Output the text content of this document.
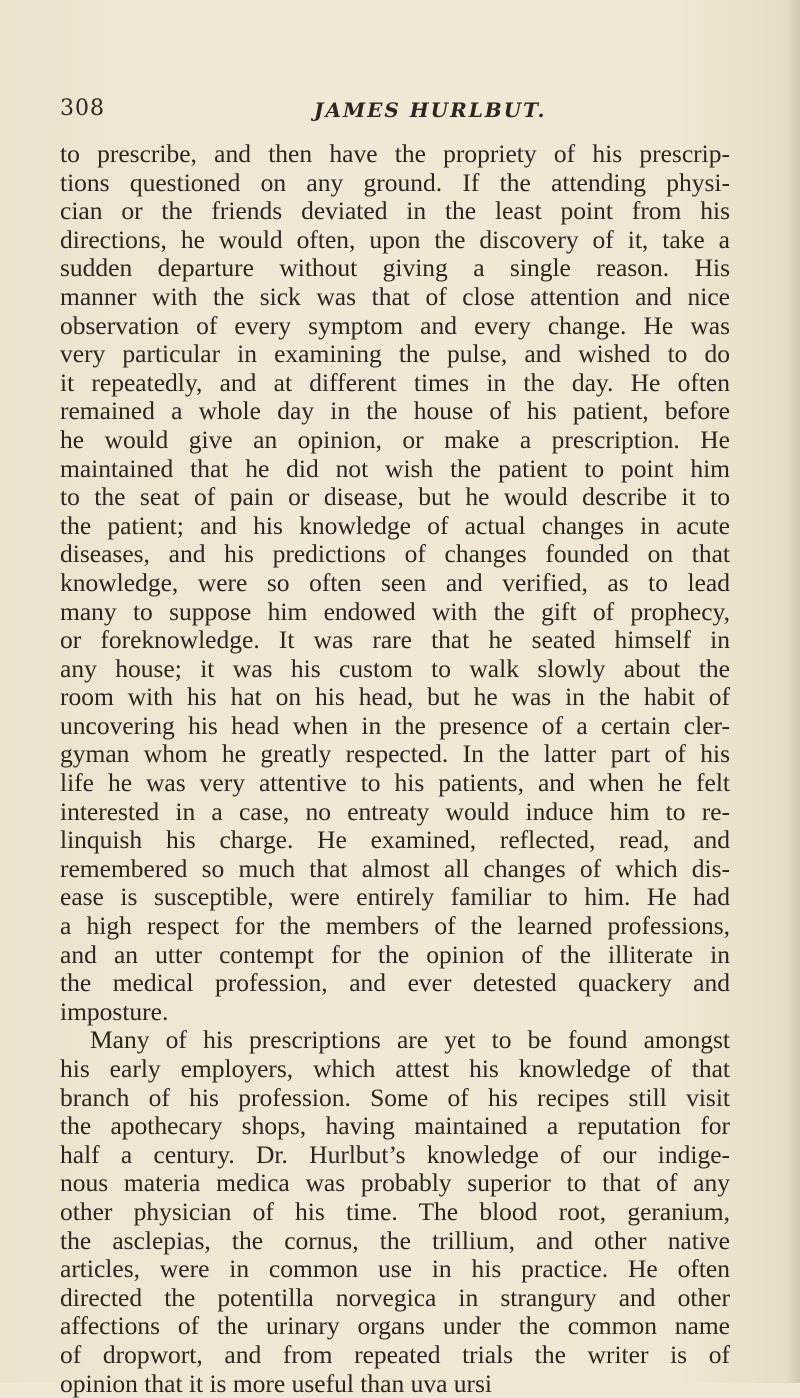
308	JAMES HURLBUT.
to prescribe, and then have the propriety of his prescrip-
tions questioned on any ground. If the attending physi-
cian or the friends deviated in the least point from his
directions, he would often, upon the discovery of it, take a
sudden departure without giving a single reason. His
manner with the sick was that of close attention and nice
observation of every symptom and every change. He was
very particular in examining the pulse, and wished to do
it repeatedly, and at different times in the day. He often
remained a whole day in the house of his patient, before
he would give an opinion, or make a prescription. He
maintained that he did not wish the patient to point him
to the seat of pain or disease, but he would describe it to
the patient; and his knowledge of actual changes in acute
diseases, and his predictions of changes founded on that
knowledge, were so often seen and verified, as to lead
many to suppose him endowed with the gift of prophecy,
or foreknowledge. It was rare that he seated himself in
any house; it was his custom to walk slowly about the
room with his hat on his head, but he was in the habit of
uncovering his head when in the presence of a certain cler-
gyman whom he greatly respected. In the latter part of his
life he was very attentive to his patients, and when he felt
interested in a case, no entreaty would induce him to re-
linquish his charge. He examined, reflected, read, and
remembered so much that almost all changes of which dis-
ease is susceptible, were entirely familiar to him. He had
a high respect for the members of the learned professions,
and an utter contempt for the opinion of the illiterate in
the medical profession, and ever detested quackery and
imposture.
Many of his prescriptions are yet to be found amongst
his early employers, which attest his knowledge of that
branch of his profession. Some of his recipes still visit
the apothecary shops, having maintained a reputation for
half a century. Dr. Hurlbut’s knowledge of our indige-
nous materia medica was probably superior to that of any
other physician of his time. The blood root, geranium,
the asclepias, the cornus, the trillium, and other native
articles, were in common use in his practice. He often
directed the potentilla norvegica in strangury and other
affections of the urinary organs under the common name
of dropwort, and from repeated trials the writer is of
opinion that it is more useful than uva ursi
